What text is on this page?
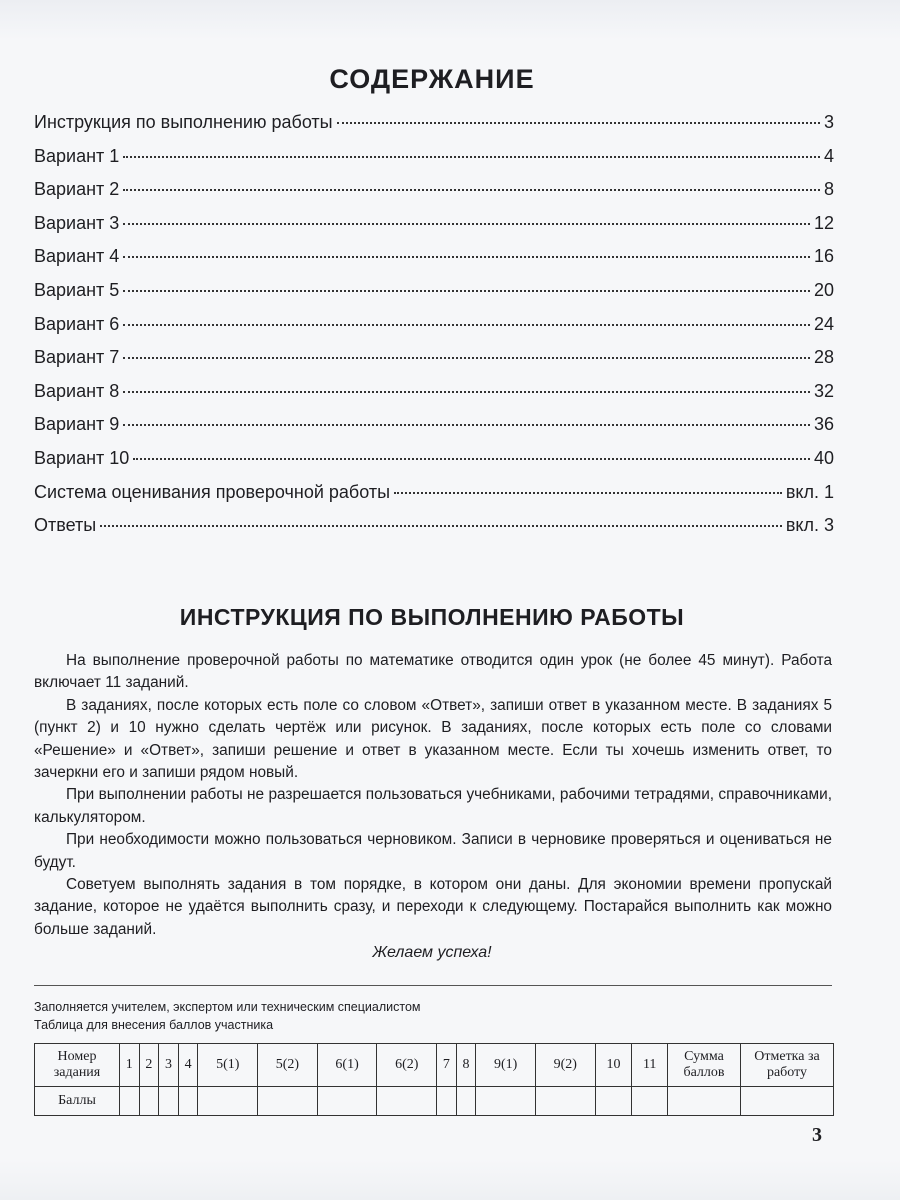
СОДЕРЖАНИЕ
Инструкция по выполнению работы	3
Вариант 1	4
Вариант 2	8
Вариант 3	12
Вариант 4	16
Вариант 5	20
Вариант 6	24
Вариант 7	28
Вариант 8	32
Вариант 9	36
Вариант 10	40
Система оценивания проверочной работы	вкл. 1
Ответы	вкл. 3
ИНСТРУКЦИЯ ПО ВЫПОЛНЕНИЮ РАБОТЫ

На выполнение проверочной работы по математике отводится один урок (не более 45 минут). Работа включает 11 заданий.

В заданиях, после которых есть поле со словом «Ответ», запиши ответ в указанном месте. В заданиях 5 (пункт 2) и 10 нужно сделать чертёж или рисунок. В заданиях, после которых есть поле со словами «Решение» и «Ответ», запиши решение и ответ в указанном месте. Если ты хочешь изменить ответ, то зачеркни его и запиши рядом новый.

При выполнении работы не разрешается пользоваться учебниками, рабочими тетрадями, справочниками, калькулятором.

При необходимости можно пользоваться черновиком. Записи в черновике проверяться и оцениваться не будут.

Советуем выполнять задания в том порядке, в котором они даны. Для экономии времени пропускай задание, которое не удаётся выполнить сразу, и переходи к следующему. Постарайся выполнить как можно больше заданий.

Желаем успеха!
Заполняется учителем, экспертом или техническим специалистом
Таблица для внесения баллов участника
Номер задания	1	2	3	4	5(1)	5(2)	6(1)	6(2)	7	8	9(1)	9(2)	10	11	Сумма баллов	Отметка за работу
Баллы																
3
